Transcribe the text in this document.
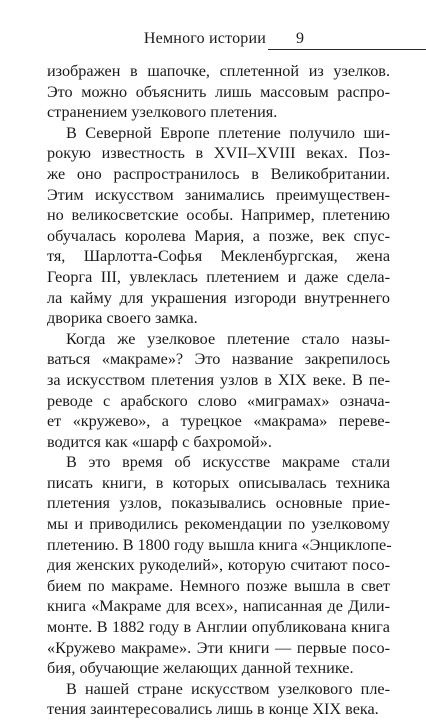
Немного истории 9

изображен в шапочке, сплетенной из узелков.
Это можно объяснить лишь массовым распро-
странением узелкового плетения.

В Северной Европе плетение получило ши-
рокую известность в XVII–XVIII веках. Поз-
же оно распространилось в Великобритании.
Этим искусством занимались преимуществен-
но великосветские особы. Например, плетению
обучалась королева Мария, а позже, век спус-
тя, Шарлотта-Софья Мекленбургская, жена
Георга III, увлеклась плетением и даже сдела-
ла кайму для украшения изгороди внутреннего
дворика своего замка.

Когда же узелковое плетение стало назы-
ваться «макраме»? Это название закрепилось
за искусством плетения узлов в XIX веке. В пе-
реводе с арабского слово «миграмах» означа-
ет «кружево», а турецкое «макрама» переве-
водится как «шарф с бахромой».

В это время об искусстве макраме стали
писать книги, в которых описывалась техника
плетения узлов, показывались основные прие-
мы и приводились рекомендации по узелковому
плетению. В 1800 году вышла книга «Энциклопе-
дия женских рукоделий», которую считают посо-
бием по макраме. Немного позже вышла в свет
книга «Макраме для всех», написанная де Дили-
монте. В 1882 году в Англии опубликована книга
«Кружево макраме». Эти книги — первые посо-
бия, обучающие желающих данной технике.

В нашей стране искусством узелкового пле-
тения заинтересовались лишь в конце XIX века.
